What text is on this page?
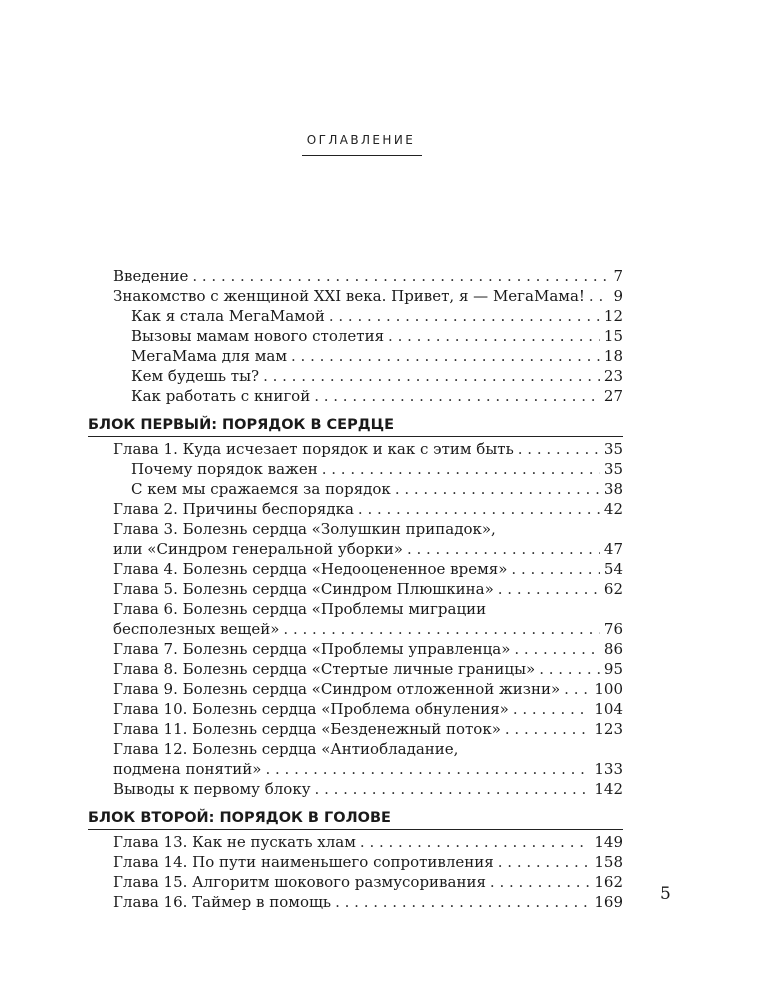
ОГЛАВЛЕНИЕ
Введение . . .	7
Знакомство с женщиной XXI века. Привет, я — МегаМама! . . . 9
Как я стала МегаМамой . . .	12
Вызовы мамам нового столетия . . .	15
МегаМама для мам . . .	18
Кем будешь ты? . . .	23
Как работать с книгой . . .	27
БЛОК ПЕРВЫЙ: ПОРЯДОК В СЕРДЦЕ
Глава 1. Куда исчезает порядок и как с этим быть . . .	35
Почему порядок важен . . .	35
С кем мы сражаемся за порядок . . .	38
Глава 2. Причины беспорядка . . .	42
Глава 3. Болезнь сердца «Золушкин припадок»,
или «Синдром генеральной уборки» . . .	47
Глава 4. Болезнь сердца «Недооцененное время» . . .	54
Глава 5. Болезнь сердца «Синдром Плюшкина» . . .	62
Глава 6. Болезнь сердца «Проблемы миграции
бесполезных вещей» . . .	76
Глава 7. Болезнь сердца «Проблемы управленца» . . .	86
Глава 8. Болезнь сердца «Стертые личные границы» . . .	95
Глава 9. Болезнь сердца «Синдром отложенной жизни» . . . 100
Глава 10. Болезнь сердца «Проблема обнуления» . . .	104
Глава 11. Болезнь сердца «Безденежный поток» . . .	123
Глава 12. Болезнь сердца «Антиобладание,
подмена понятий» . . .	133
Выводы к первому блоку . . .	142
БЛОК ВТОРОЙ: ПОРЯДОК В ГОЛОВЕ
Глава 13. Как не пускать хлам . . .	149
Глава 14. По пути наименьшего сопротивления . . .	158
Глава 15. Алгоритм шокового размусоривания . . .	162
Глава 16. Таймер в помощь . . .	169 5
